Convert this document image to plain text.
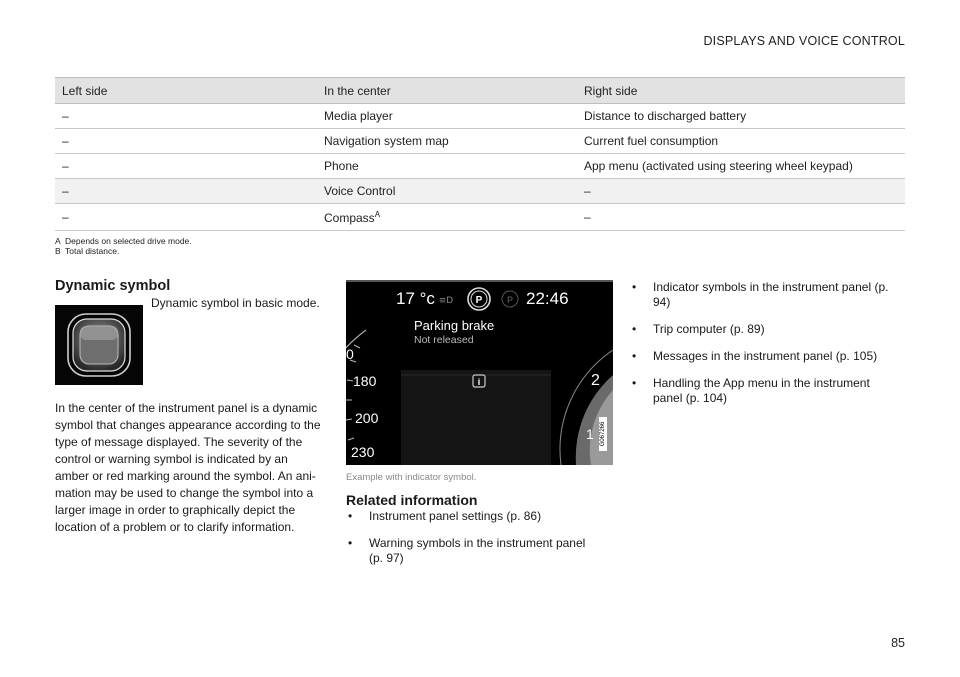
DISPLAYS AND VOICE CONTROL
Left side	In the center	Right side
–	Media player	Distance to discharged battery
–	Navigation system map	Current fuel consumption
–	Phone	App menu (activated using steering wheel keypad)
–	Voice Control	–
–	Compass$^A$	–
A Depends on selected drive mode.
B Total distance.
Dynamic symbol
Dynamic symbol in basic mode.

In the center of the instrument panel is a dynamic symbol that changes appearance according to the type of message displayed. The severity of the control or warning symbol is indicated by an amber or red marking around the symbol. An ani-mation may be used to change the symbol into a larger image in order to graphically depict the location of a problem or to clarify information.

P	P
≡D
i
17 °c	22:46
Parking brake
Not released
0
180
200
230
2
1 G067266
Example with indicator symbol.
Related information
• Instrument panel settings (p. 86)
• Warning symbols in the instrument panel (p. 97)
• Indicator symbols in the instrument panel (p. 94)
• Trip computer (p. 89)
• Messages in the instrument panel (p. 105)
• Handling the App menu in the instrument panel (p. 104)
85
